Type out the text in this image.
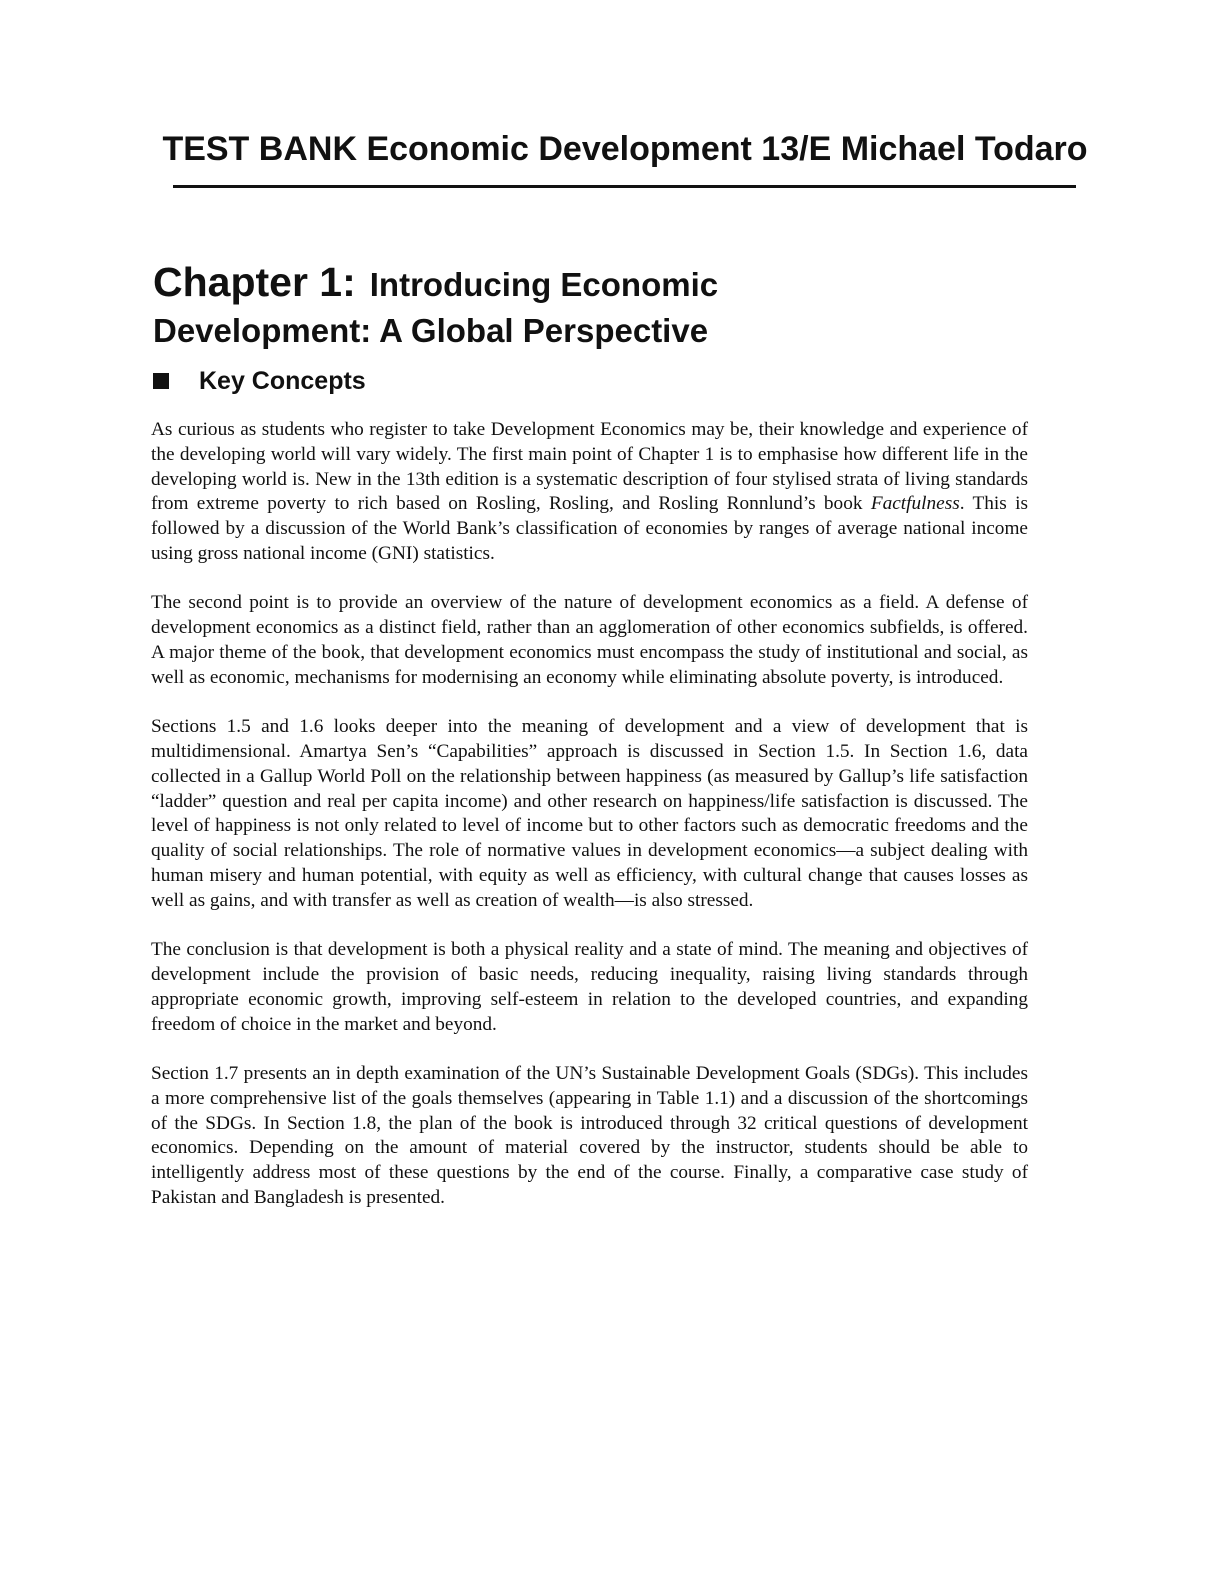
TEST BANK Economic Development 13/E Michael Todaro
Chapter 1: Introducing Economic
Development: A Global Perspective
Key Concepts

As curious as students who register to take Development Economics may be, their knowledge and experience of the developing world will vary widely. The first main point of Chapter 1 is to emphasise how different life in the developing world is. New in the 13th edition is a systematic description of four stylised strata of living standards from extreme poverty to rich based on Rosling, Rosling, and Rosling Ronnlund’s book Factfulness. This is followed by a discussion of the World Bank’s classification of economies by ranges of average national income using gross national income (GNI) statistics.

The second point is to provide an overview of the nature of development economics as a field. A defense of development economics as a distinct field, rather than an agglomeration of other economics subfields, is offered. A major theme of the book, that development economics must encompass the study of institutional and social, as well as economic, mechanisms for modernising an economy while eliminating absolute poverty, is introduced.

Sections 1.5 and 1.6 looks deeper into the meaning of development and a view of development that is multidimensional. Amartya Sen’s “Capabilities” approach is discussed in Section 1.5. In Section 1.6, data collected in a Gallup World Poll on the relationship between happiness (as measured by Gallup’s life satisfaction “ladder” question and real per capita income) and other research on happiness/life satisfaction is discussed. The level of happiness is not only related to level of income but to other factors such as democratic freedoms and the quality of social relationships. The role of normative values in development economics—a subject dealing with human misery and human potential, with equity as well as efficiency, with cultural change that causes losses as well as gains, and with transfer as well as creation of wealth—is also stressed.

The conclusion is that development is both a physical reality and a state of mind. The meaning and objectives of development include the provision of basic needs, reducing inequality, raising living standards through appropriate economic growth, improving self-esteem in relation to the developed countries, and expanding freedom of choice in the market and beyond.

Section 1.7 presents an in depth examination of the UN’s Sustainable Development Goals (SDGs). This includes a more comprehensive list of the goals themselves (appearing in Table 1.1) and a discussion of the shortcomings of the SDGs. In Section 1.8, the plan of the book is introduced through 32 critical questions of development economics. Depending on the amount of material covered by the instructor, students should be able to intelligently address most of these questions by the end of the course. Finally, a comparative case study of Pakistan and Bangladesh is presented.
